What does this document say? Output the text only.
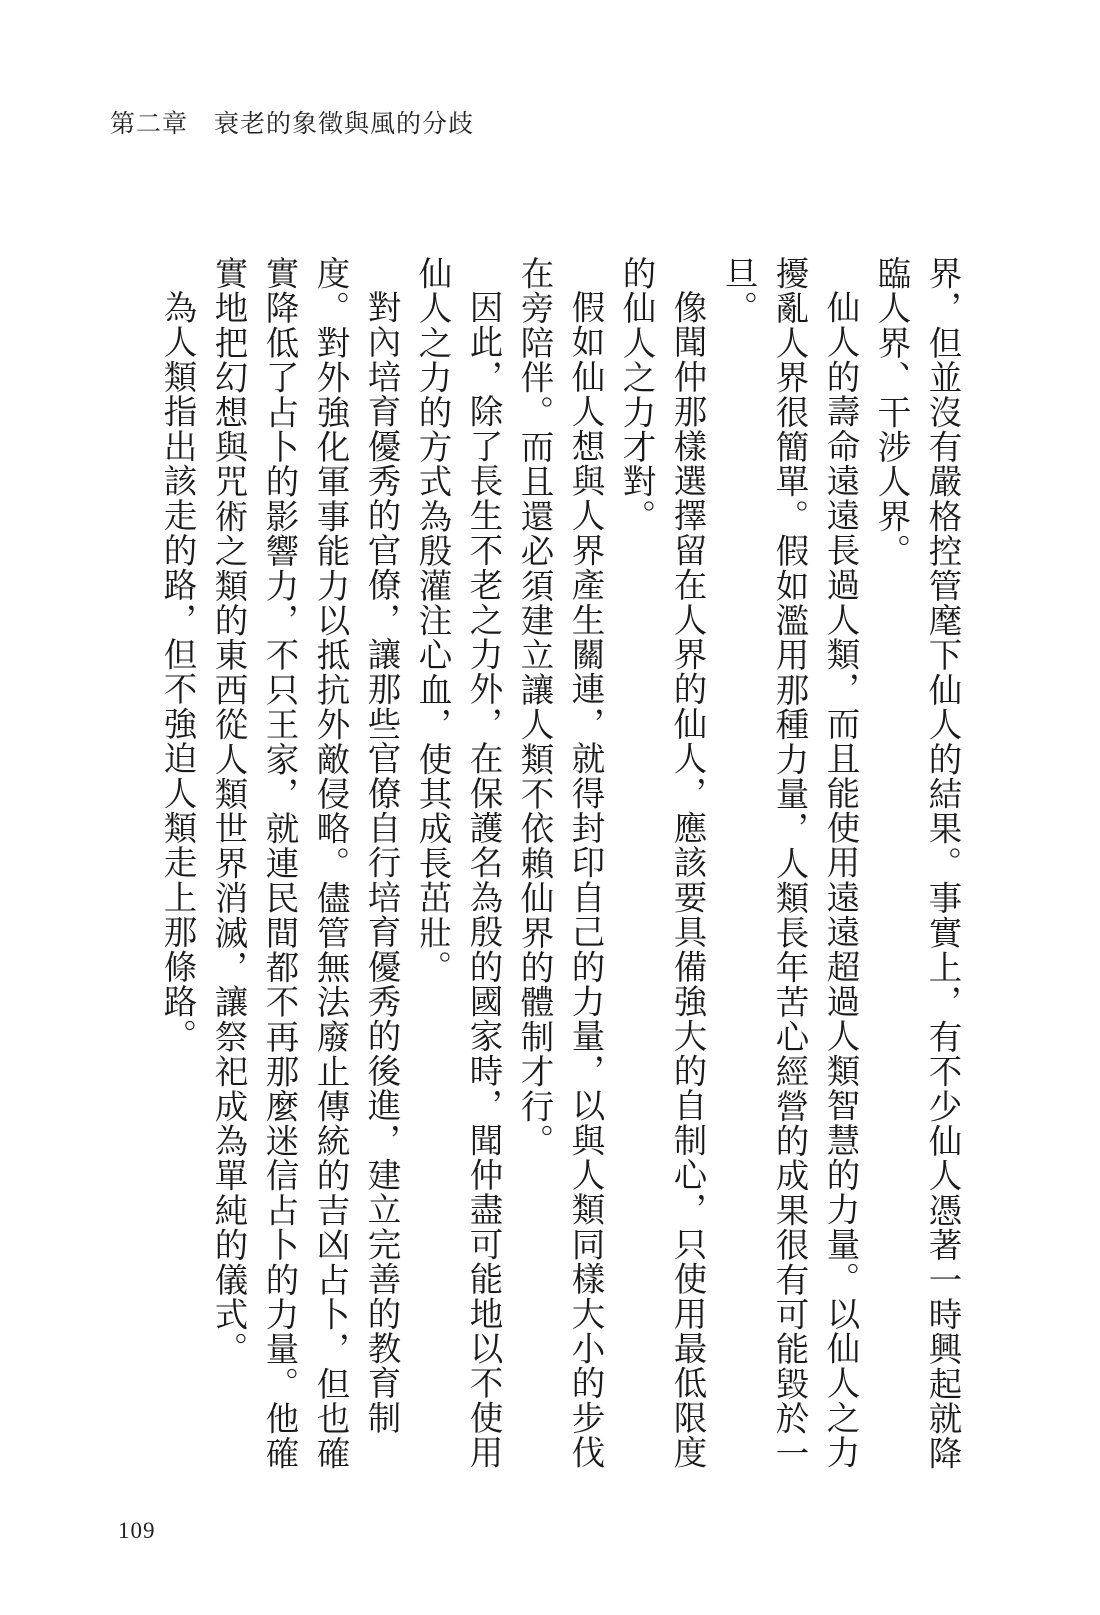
第二章 衰老的象徵與風的分歧

界，但並沒有嚴格控管麾下仙人的結果。事實上，有不少仙人憑著一時興起就降臨人界、干涉人界。

仙人的壽命遠遠長過人類，而且能使用遠遠超過人類智慧的力量。以仙人之力擾亂人界很簡單。假如濫用那種力量，人類長年苦心經營的成果很有可能毀於一旦。

像聞仲那樣選擇留在人界的仙人，應該要具備強大的自制心，只使用最低限度的仙人之力才對。

假如仙人想與人界產生關連，就得封印自己的力量，以與人類同樣大小的步伐在旁陪伴。而且還必須建立讓人類不依賴仙界的體制才行。

因此，除了長生不老之力外，在保護名為殷的國家時，聞仲盡可能地以不使用仙人之力的方式為殷灌注心血，使其成長茁壯。

對內培育優秀的官僚，讓那些官僚自行培育優秀的後進，建立完善的教育制度。對外強化軍事能力以抵抗外敵侵略。儘管無法廢止傳統的吉凶占卜，但也確實降低了占卜的影響力，不只王家，就連民間都不再那麼迷信占卜的力量。他確實地把幻想與咒術之類的東西從人類世界消滅，讓祭祀成為單純的儀式。

為人類指出該走的路，但不強迫人類走上那條路。

109
